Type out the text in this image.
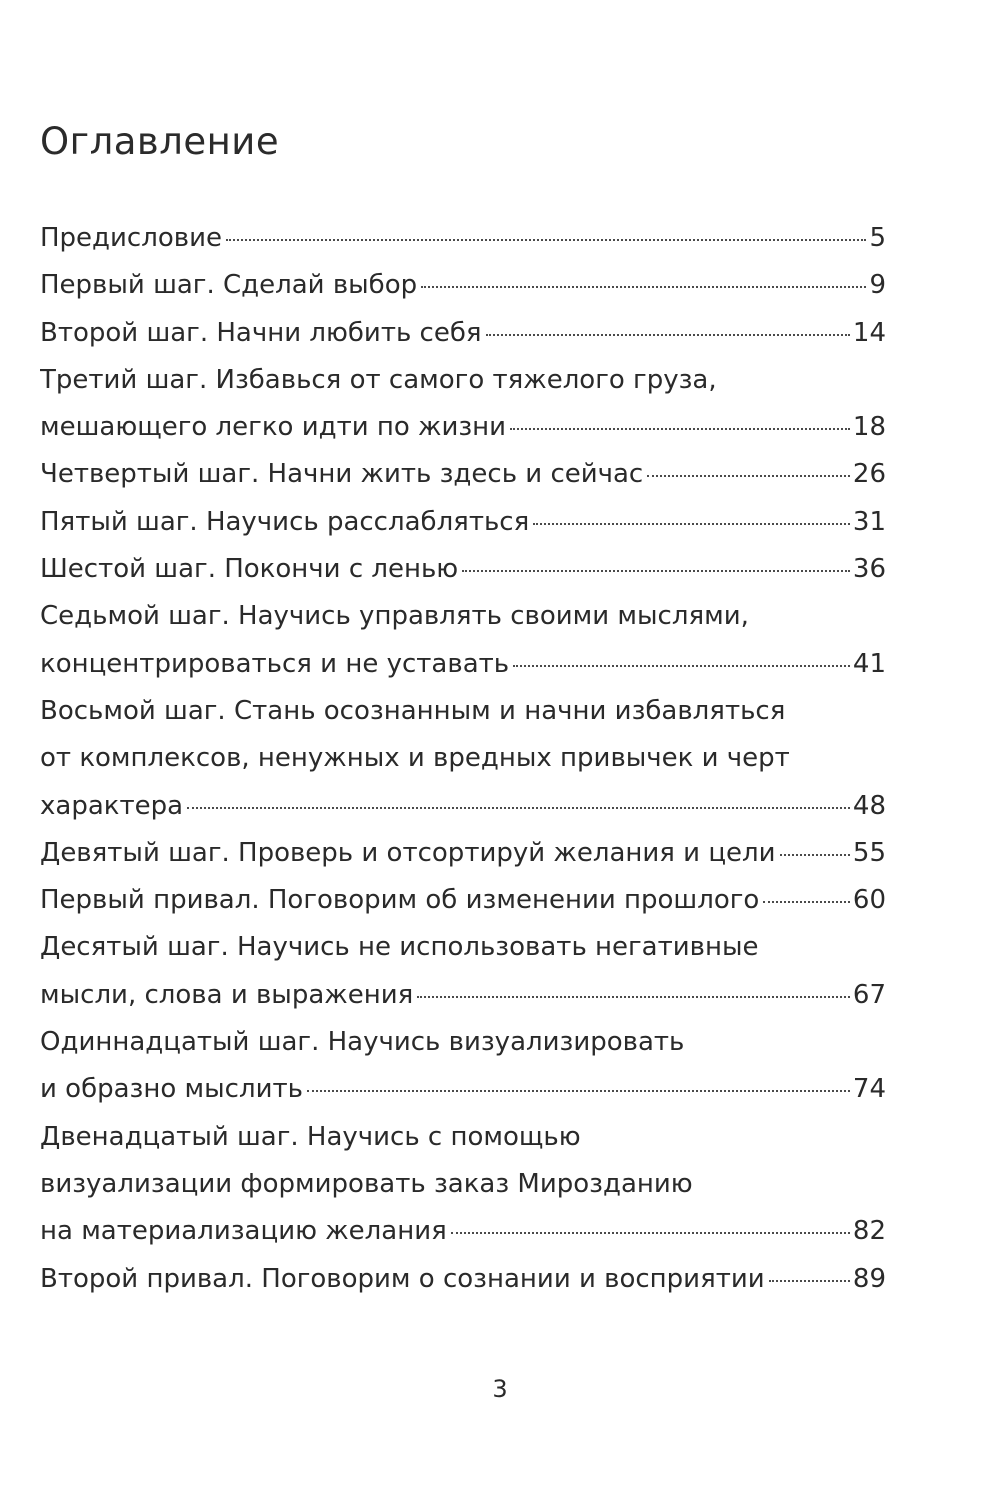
Оглавление
Предисловие	5
Первый шаг. Сделай выбор	9
Второй шаг. Начни любить себя	14
Третий шаг. Избавься от самого тяжелого груза,
мешающего легко идти по жизни	18
Четвертый шаг. Начни жить здесь и сейчас	26
Пятый шаг. Научись расслабляться	31
Шестой шаг. Покончи с ленью	36
Седьмой шаг. Научись управлять своими мыслями,
концентрироваться и не уставать	41
Восьмой шаг. Стань осознанным и начни избавляться
от комплексов, ненужных и вредных привычек и черт
характера	48
Девятый шаг. Проверь и отсортируй желания и цели	55
Первый привал. Поговорим об изменении прошлого	60
Десятый шаг. Научись не использовать негативные
мысли, слова и выражения	67
Одиннадцатый шаг. Научись визуализировать
и образно мыслить	74
Двенадцатый шаг. Научись с помощью
визуализации формировать заказ Мирозданию
на материализацию желания	82
Второй привал. Поговорим о сознании и восприятии	89
3
